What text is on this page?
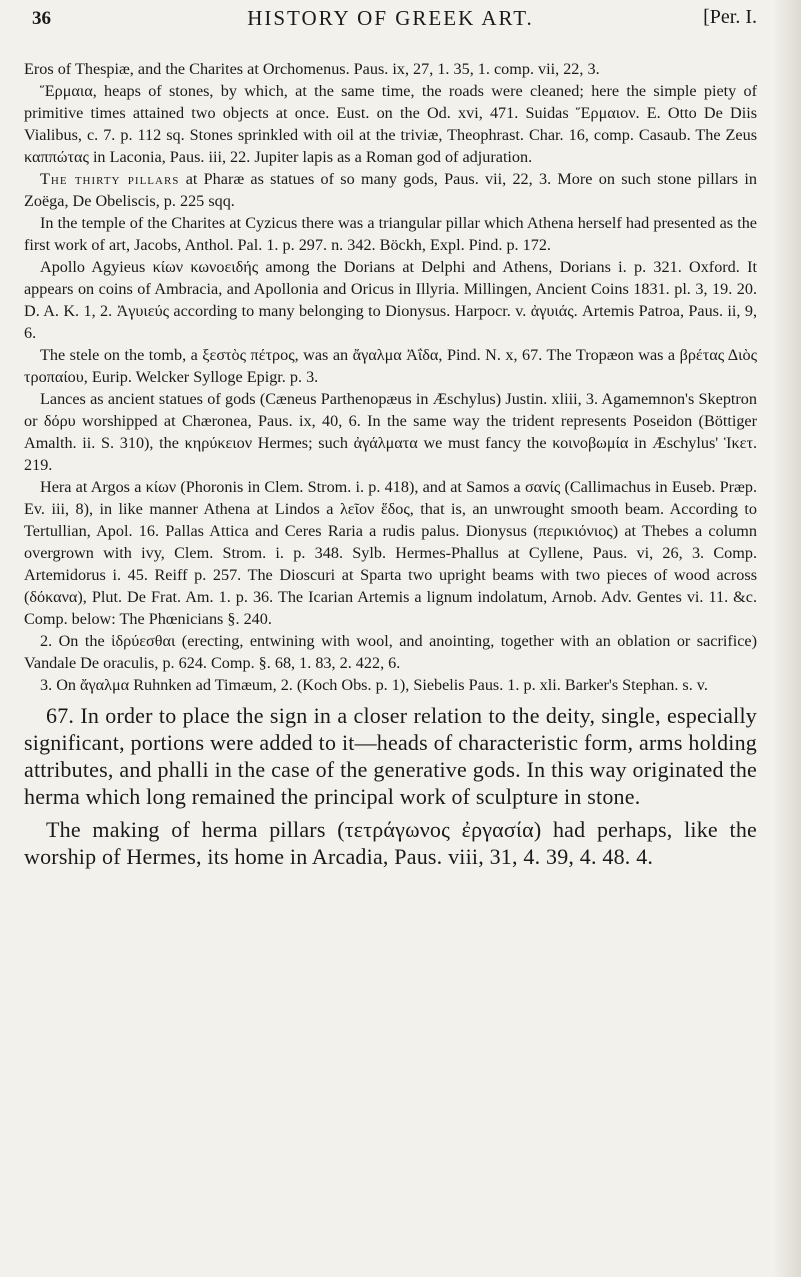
36	HISTORY OF GREEK ART.	[Per. I.

Eros of Thespiæ, and the Charites at Orchomenus. Paus. ix, 27, 1. 35, 1. comp. vii, 22, 3.

Ἕρμαια, heaps of stones, by which, at the same time, the roads were cleaned; here the simple piety of primitive times attained two objects at once. Eust. on the Od. xvi, 471. Suidas Ἕρμαιον. E. Otto De Diis Vialibus, c. 7. p. 112 sq. Stones sprinkled with oil at the triviæ, Theophrast. Char. 16, comp. Casaub. The Zeus καππώτας in Laconia, Paus. iii, 22. Jupiter lapis as a Roman god of adjuration.

The thirty pillars at Pharæ as statues of so many gods, Paus. vii, 22, 3. More on such stone pillars in Zoëga, De Obeliscis, p. 225 sqq.

In the temple of the Charites at Cyzicus there was a triangular pillar which Athena herself had presented as the first work of art, Jacobs, Anthol. Pal. 1. p. 297. n. 342. Böckh, Expl. Pind. p. 172.

Apollo Agyieus κίων κωνοειδής among the Dorians at Delphi and Athens, Dorians i. p. 321. Oxford. It appears on coins of Ambracia, and Apollonia and Oricus in Illyria. Millingen, Ancient Coins 1831. pl. 3, 19. 20. D. A. K. 1, 2. Ἀγυιεύς according to many belonging to Dionysus. Harpocr. v. ἀγυιάς. Artemis Patroa, Paus. ii, 9, 6.

The stele on the tomb, a ξεστὸς πέτρος, was an ἄγαλμα Ἀΐδα, Pind. N. x, 67. The Tropæon was a βρέτας Διὸς τροπαίου, Eurip. Welcker Sylloge Epigr. p. 3.

Lances as ancient statues of gods (Cæneus Parthenopæus in Æschylus) Justin. xliii, 3. Agamemnon's Skeptron or δόρυ worshipped at Chæronea, Paus. ix, 40, 6. In the same way the trident represents Poseidon (Böttiger Amalth. ii. S. 310), the κηρύκειον Hermes; such ἀγάλματα we must fancy the κοινοβωμία in Æschylus' Ἱκετ. 219.

Hera at Argos a κίων (Phoronis in Clem. Strom. i. p. 418), and at Samos a σανίς (Callimachus in Euseb. Præp. Ev. iii, 8), in like manner Athena at Lindos a λεῖον ἕδος, that is, an unwrought smooth beam. According to Tertullian, Apol. 16. Pallas Attica and Ceres Raria a rudis palus. Dionysus (περικιόνιος) at Thebes a column overgrown with ivy, Clem. Strom. i. p. 348. Sylb. Hermes-Phallus at Cyllene, Paus. vi, 26, 3. Comp. Artemidorus i. 45. Reiff p. 257. The Dioscuri at Sparta two upright beams with two pieces of wood across (δόκανα), Plut. De Frat. Am. 1. p. 36. The Icarian Artemis a lignum indolatum, Arnob. Adv. Gentes vi. 11. &c. Comp. below: The Phœnicians §. 240.

2. On the ἱδρύεσθαι (erecting, entwining with wool, and anointing, together with an oblation or sacrifice) Vandale De oraculis, p. 624. Comp. §. 68, 1. 83, 2. 422, 6.

3. On ἄγαλμα Ruhnken ad Timæum, 2. (Koch Obs. p. 1), Siebelis Paus. 1. p. xli. Barker's Stephan. s. v.

67. In order to place the sign in a closer relation to the deity, single, especially significant, portions were added to it—heads of characteristic form, arms holding attributes, and phalli in the case of the generative gods. In this way originated the herma which long remained the principal work of sculpture in stone.

The making of herma pillars (τετράγωνος ἐργασία) had perhaps, like the worship of Hermes, its home in Arcadia, Paus. viii, 31, 4. 39, 4. 48. 4.
